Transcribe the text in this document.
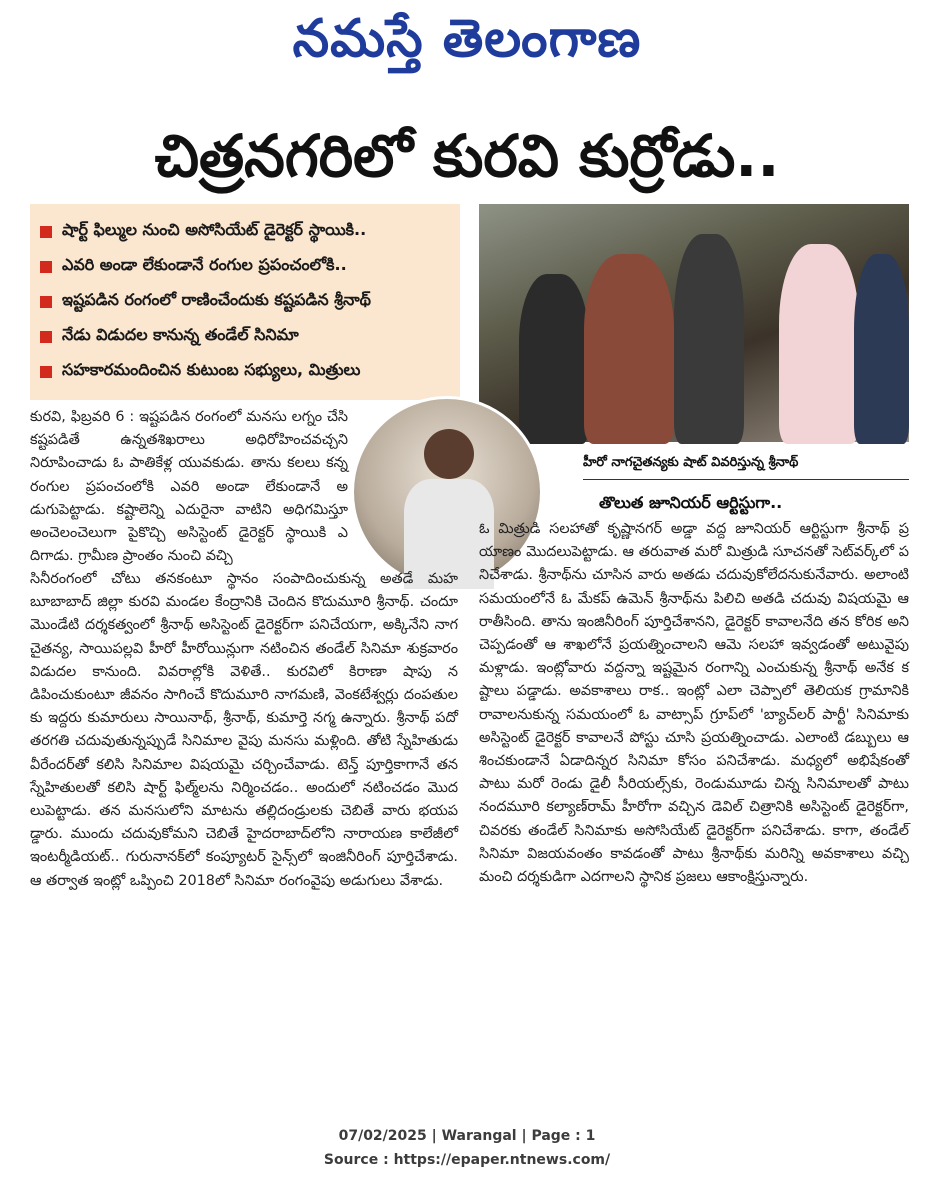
నమస్తే తెలంగాణ
చిత్రనగరిలో కురవి కుర్రోడు..
షార్ట్ ఫిల్ముల నుంచి అసోసియేట్ డైరెక్టర్ స్థాయికి..
ఎవరి అండా లేకుండానే రంగుల ప్రపంచంలోకి..
ఇష్టపడిన రంగంలో రాణించేందుకు కష్టపడిన శ్రీనాథ్
నేడు విడుదల కానున్న తండేల్ సినిమా
సహకారమందించిన కుటుంబ సభ్యులు, మిత్రులు
హీరో నాగచైతన్యకు షాట్ వివరిస్తున్న శ్రీనాథ్
తొలుత జూనియర్ ఆర్టిస్టుగా..
కురవి, ఫిబ్రవరి 6 : ఇష్టపడిన రంగంలో మనసు లగ్నం చేసి కష్టపడితే ఉన్నతశిఖరాలు అధిరోహించవచ్చని నిరూపించాడు ఓ పాతికేళ్ల యువకుడు. తాను కలలు కన్న రంగుల ప్రపంచంలోకి ఎవరి అండా లేకుండానే అడుగుపెట్టాడు. కష్టాలెన్ని ఎదురైనా వాటిని అధిగమిస్తూ అంచెలంచెలుగా పైకొచ్చి అసిస్టెంట్ డైరెక్టర్ స్థాయికి ఎదిగాడు. గ్రామీణ ప్రాంతం నుంచి వచ్చి
సినీరంగంలో చోటు తనకంటూ స్థానం సంపాదించుకున్న అతడే మహబూబాబాద్ జిల్లా కురవి మండల కేంద్రానికి చెందిన కొదుమూరి శ్రీనాథ్. చందూ మొండేటి దర్శకత్వంలో శ్రీనాథ్ అసిస్టెంట్ డైరెక్టర్‌గా పనిచేయగా, అక్కినేని నాగచైతన్య, సాయిపల్లవి హీరో హీరోయిన్లుగా నటించిన తండేల్ సినిమా శుక్రవారం విడుదల కానుంది. వివరాల్లోకి వెళితే.. కురవిలో కిరాణా షాపు నడిపించుకుంటూ జీవనం సాగించే కొదుమూరి నాగమణి, వెంకటేశ్వర్లు దంపతులకు ఇద్దరు కుమారులు సాయినాథ్, శ్రీనాథ్, కుమార్తె నగ్మ ఉన్నారు. శ్రీనాథ్ పదో తరగతి చదువుతున్నప్పుడే సినిమాల వైపు మనసు మళ్లింది. తోటి స్నేహితుడు వీరేందర్‌తో కలిసి సినిమాల విషయమై చర్చించేవాడు. టెన్త్ పూర్తికాగానే తన స్నేహితులతో కలిసి షార్ట్ ఫిల్మ్‌లను నిర్మించడం.. అందులో నటించడం మొదలుపెట్టాడు. తన మనసులోని మాటను తల్లిదండ్రులకు చెబితే వారు భయపడ్డారు. ముందు చదువుకోమని చెబితే హైదరాబాద్‌లోని నారాయణ కాలేజీలో ఇంటర్మీడియట్.. గురునానక్‌లో కంప్యూటర్ సైన్స్‌లో ఇంజినీరింగ్ పూర్తిచేశాడు. ఆ తర్వాత ఇంట్లో ఒప్పించి 2018లో సినిమా రంగంవైపు అడుగులు వేశాడు.
ఓ మిత్రుడి సలహాతో కృష్ణానగర్ అడ్డా వద్ద జూనియర్ ఆర్టిస్టుగా శ్రీనాథ్ ప్రయాణం మొదలుపెట్టాడు. ఆ తరువాత మరో మిత్రుడి సూచనతో సెట్‌వర్క్‌లో పనిచేశాడు. శ్రీనాథ్‌ను చూసిన వారు అతడు చదువుకోలేదనుకునేవారు. అలాంటి సమయంలోనే ఓ మేకప్ ఉమెన్ శ్రీనాథ్‌ను పిలిచి అతడి చదువు విషయమై ఆరాతీసింది. తాను ఇంజినీరింగ్ పూర్తిచేశానని, డైరెక్టర్ కావాలనేది తన కోరిక అని చెప్పడంతో ఆ శాఖలోనే ప్రయత్నించాలని ఆమె సలహా ఇవ్వడంతో అటువైపు మళ్లాడు. ఇంట్లోవారు వద్దన్నా ఇష్టమైన రంగాన్ని ఎంచుకున్న శ్రీనాథ్ అనేక కష్టాలు పడ్డాడు. అవకాశాలు రాక.. ఇంట్లో ఎలా చెప్పాలో తెలియక గ్రామానికి రావాలనుకున్న సమయంలో ఓ వాట్సాప్ గ్రూప్‌లో 'బ్యాచ్‌లర్ పార్టీ' సినిమాకు అసిస్టెంట్ డైరెక్టర్ కావాలనే పోస్టు చూసి ప్రయత్నించాడు. ఎలాంటి డబ్బులు ఆశించకుండానే ఏడాదిన్నర సినిమా కోసం పనిచేశాడు. మధ్యలో అభిషేకంతో పాటు మరో రెండు డైలీ సీరియల్స్‌కు, రెండుమూడు చిన్న సినిమాలతో పాటు నందమూరి కల్యాణ్‌రామ్ హీరోగా వచ్చిన డెవిల్ చిత్రానికి అసిస్టెంట్ డైరెక్టర్‌గా, చివరకు తండేల్ సినిమాకు అసోసియేట్ డైరెక్టర్‌గా పనిచేశాడు. కాగా, తండేల్ సినిమా విజయవంతం కావడంతో పాటు శ్రీనాథ్‌కు మరిన్ని అవకాశాలు వచ్చి మంచి దర్శకుడిగా ఎదగాలని స్థానిక ప్రజలు ఆకాంక్షిస్తున్నారు.
07/02/2025 | Warangal | Page : 1
Source : https://epaper.ntnews.com/
